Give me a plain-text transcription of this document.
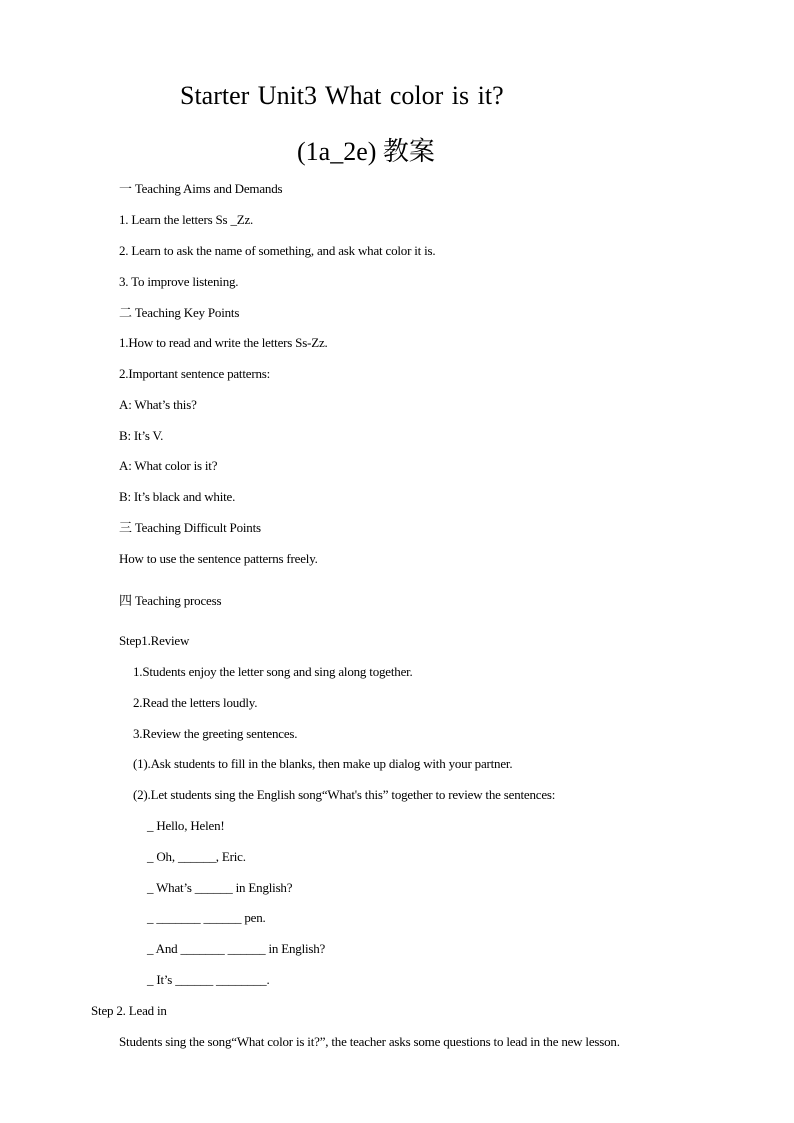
Starter Unit3 What color is it?
(1a_2e) 教案
一 Teaching Aims and Demands
1. Learn the letters Ss _Zz.
2. Learn to ask the name of something, and ask what color it is.
3. To improve listening.
二 Teaching Key Points
1.How to read and write the letters Ss-Zz.
2.Important sentence patterns:
A: What’s this?
B: It’s V.
A: What color is it?
B: It’s black and white.
三 Teaching Difficult Points
How to use the sentence patterns freely.
四 Teaching process
Step1.Review
1.Students enjoy the letter song and sing along together.
2.Read the letters loudly.
3.Review the greeting sentences.
(1).Ask students to fill in the blanks, then make up dialog with your partner.
(2).Let students sing the English song“What's this” together to review the sentences:
_ Hello, Helen!
_ Oh, ______, Eric.
_ What’s ______ in English?
_ _______ ______ pen.
_ And _______ ______ in English?
_ It’s ______ ________.
Step 2. Lead in
Students sing the song“What color is it?”, the teacher asks some questions to lead in the new lesson.
